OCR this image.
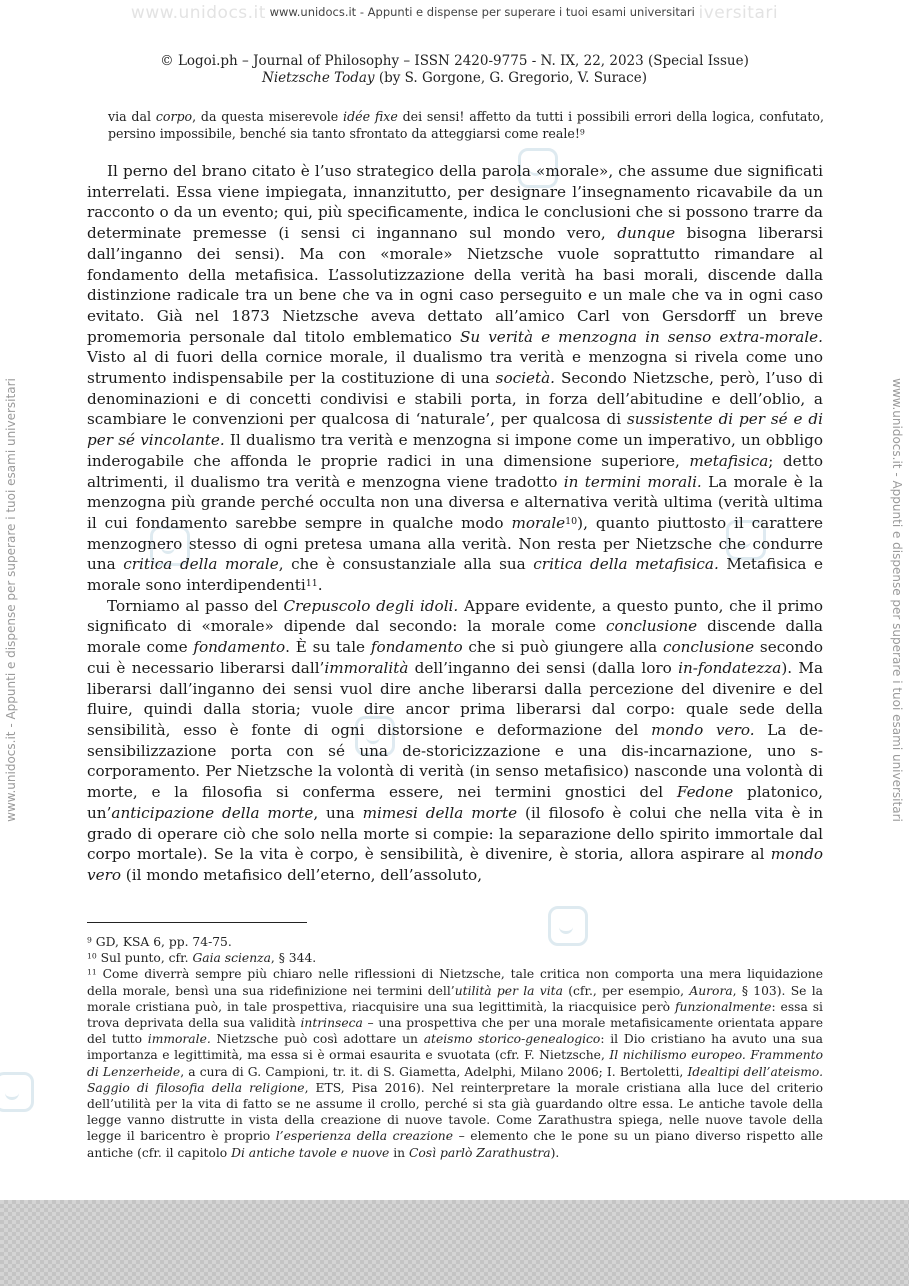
www.unidocs.it www.unidocs.it - Appunti e dispense per superare i tuoi esami universitari iversitari
www.unidocs.it - Appunti e dispense per superare i tuoi esami universitari	www.unidocs.it - Appunti e dispense per superare i tuoi esami universitari
© Logoi.ph – Journal of Philosophy – ISSN 2420-9775 - N. IX, 22, 2023 (Special Issue)
Nietzsche Today (by S. Gorgone, G. Gregorio, V. Surace)
via dal corpo, da questa miserevole idée fixe dei sensi! affetto da tutti i possibili errori della logica, confutato, persino impossibile, benché sia tanto sfrontato da atteggiarsi come reale!$^9$

Il perno del brano citato è l’uso strategico della parola «morale», che assume due significati interrelati. Essa viene impiegata, innanzitutto, per designare l’insegnamento ricavabile da un racconto o da un evento; qui, più specificamente, indica le conclusioni che si possono trarre da determinate premesse (i sensi ci ingannano sul mondo vero, dunque bisogna liberarsi dall’inganno dei sensi). Ma con «morale» Nietzsche vuole soprattutto rimandare al fondamento della metafisica. L’assolutizzazione della verità ha basi morali, discende dalla distinzione radicale tra un bene che va in ogni caso perseguito e un male che va in ogni caso evitato. Già nel 1873 Nietzsche aveva dettato all’amico Carl von Gersdorff un breve promemoria personale dal titolo emblematico Su verità e menzogna in senso extra-morale. Visto al di fuori della cornice morale, il dualismo tra verità e menzogna si rivela come uno strumento indispensabile per la costituzione di una società. Secondo Nietzsche, però, l’uso di denominazioni e di concetti condivisi e stabili porta, in forza dell’abitudine e dell’oblio, a scambiare le convenzioni per qualcosa di ‘naturale’, per qualcosa di sussistente di per sé e di per sé vincolante. Il dualismo tra verità e menzogna si impone come un imperativo, un obbligo inderogabile che affonda le proprie radici in una dimensione superiore, metafisica; detto altrimenti, il dualismo tra verità e menzogna viene tradotto in termini morali. La morale è la menzogna più grande perché occulta non una diversa e alternativa verità ultima (verità ultima il cui fondamento sarebbe sempre in qualche modo morale$^{10}$), quanto piuttosto il carattere menzognero stesso di ogni pretesa umana alla verità. Non resta per Nietzsche che condurre una critica della morale, che è consustanziale alla sua critica della metafisica. Metafisica e morale sono interdipendenti$^{11}$.

Torniamo al passo del Crepuscolo degli idoli. Appare evidente, a questo punto, che il primo significato di «morale» dipende dal secondo: la morale come conclusione discende dalla morale come fondamento. È su tale fondamento che si può giungere alla conclusione secondo cui è necessario liberarsi dall’immoralità dell’inganno dei sensi (dalla loro in-fondatezza). Ma liberarsi dall’inganno dei sensi vuol dire anche liberarsi dalla percezione del divenire e del fluire, quindi dalla storia; vuole dire ancor prima liberarsi dal corpo: quale sede della sensibilità, esso è fonte di ogni distorsione e deformazione del mondo vero. La de-sensibilizzazione porta con sé una de-storicizzazione e una dis-incarnazione, uno s-corporamento. Per Nietzsche la volontà di verità (in senso metafisico) nasconde una volontà di morte, e la filosofia si conferma essere, nei termini gnostici del Fedone platonico, un’anticipazione della morte, una mimesi della morte (il filosofo è colui che nella vita è in grado di operare ciò che solo nella morte si compie: la separazione dello spirito immortale dal corpo mortale). Se la vita è corpo, è sensibilità, è divenire, è storia, allora aspirare al mondo vero (il mondo metafisico dell’eterno, dell’assoluto,

$^9$ GD, KSA 6, pp. 74-75.

$^{10}$ Sul punto, cfr. Gaia scienza, § 344.

$^{11}$ Come diverrà sempre più chiaro nelle riflessioni di Nietzsche, tale critica non comporta una mera liquidazione della morale, bensì una sua ridefinizione nei termini dell’utilità per la vita (cfr., per esempio, Aurora, § 103). Se la morale cristiana può, in tale prospettiva, riacquisire una sua legittimità, la riacquisice però funzionalmente: essa si trova deprivata della sua validità intrinseca – una prospettiva che per una morale metafisicamente orientata appare del tutto immorale. Nietzsche può così adottare un ateismo storico-genealogico: il Dio cristiano ha avuto una sua importanza e legittimità, ma essa si è ormai esaurita e svuotata (cfr. F. Nietzsche, Il nichilismo europeo. Frammento di Lenzerheide, a cura di G. Campioni, tr. it. di S. Giametta, Adelphi, Milano 2006; I. Bertoletti, Idealtipi dell’ateismo. Saggio di filosofia della religione, ETS, Pisa 2016). Nel reinterpretare la morale cristiana alla luce del criterio dell’utilità per la vita di fatto se ne assume il crollo, perché si sta già guardando oltre essa. Le antiche tavole della legge vanno distrutte in vista della creazione di nuove tavole. Come Zarathustra spiega, nelle nuove tavole della legge il baricentro è proprio l’esperienza della creazione – elemento che le pone su un piano diverso rispetto alle antiche (cfr. il capitolo Di antiche tavole e nuove in Così parlò Zarathustra).
